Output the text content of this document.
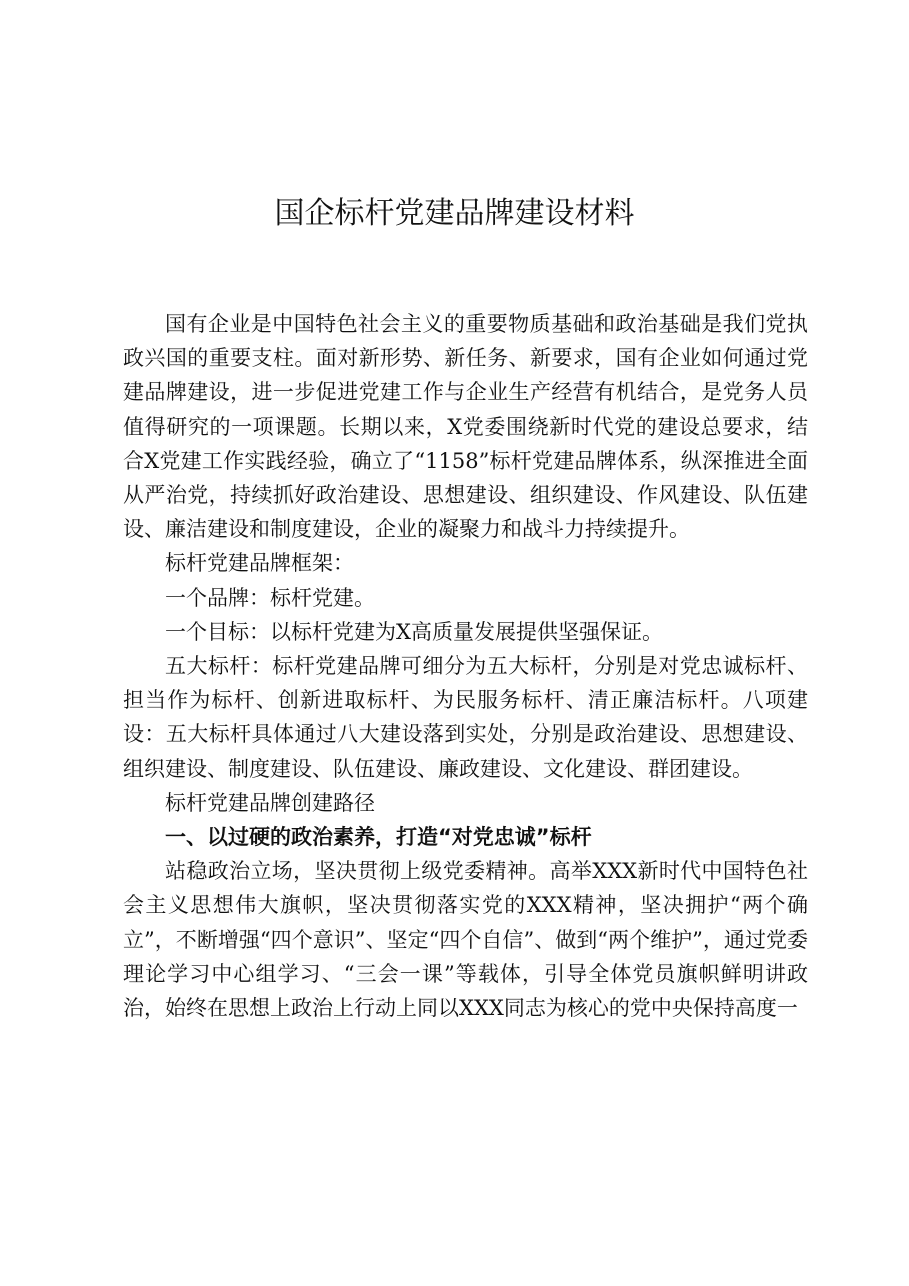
国企标杆党建品牌建设材料

国有企业是中国特色社会主义的重要物质基础和政治基础是我们党执政兴国的重要支柱。面对新形势、新任务、新要求，国有企业如何通过党建品牌建设，进一步促进党建工作与企业生产经营有机结合，是党务人员值得研究的一项课题。长期以来，X党委围绕新时代党的建设总要求，结合X党建工作实践经验，确立了“1158”标杆党建品牌体系，纵深推进全面从严治党，持续抓好政治建设、思想建设、组织建设、作风建设、队伍建设、廉洁建设和制度建设，企业的凝聚力和战斗力持续提升。

标杆党建品牌框架：

一个品牌：标杆党建。

一个目标：以标杆党建为X高质量发展提供坚强保证。

五大标杆：标杆党建品牌可细分为五大标杆，分别是对党忠诚标杆、担当作为标杆、创新进取标杆、为民服务标杆、清正廉洁标杆。八项建设：五大标杆具体通过八大建设落到实处，分别是政治建设、思想建设、组织建设、制度建设、队伍建设、廉政建设、文化建设、群团建设。

标杆党建品牌创建路径

一、以过硬的政治素养，打造“对党忠诚”标杆

站稳政治立场，坚决贯彻上级党委精神。高举XXX新时代中国特色社会主义思想伟大旗帜，坚决贯彻落实党的XXX精神，坚决拥护“两个确立”，不断增强“四个意识”、坚定“四个自信”、做到“两个维护”，通过党委理论学习中心组学习、“三会一课”等载体，引导全体党员旗帜鲜明讲政治，始终在思想上政治上行动上同以XXX同志为核心的党中央保持高度一
